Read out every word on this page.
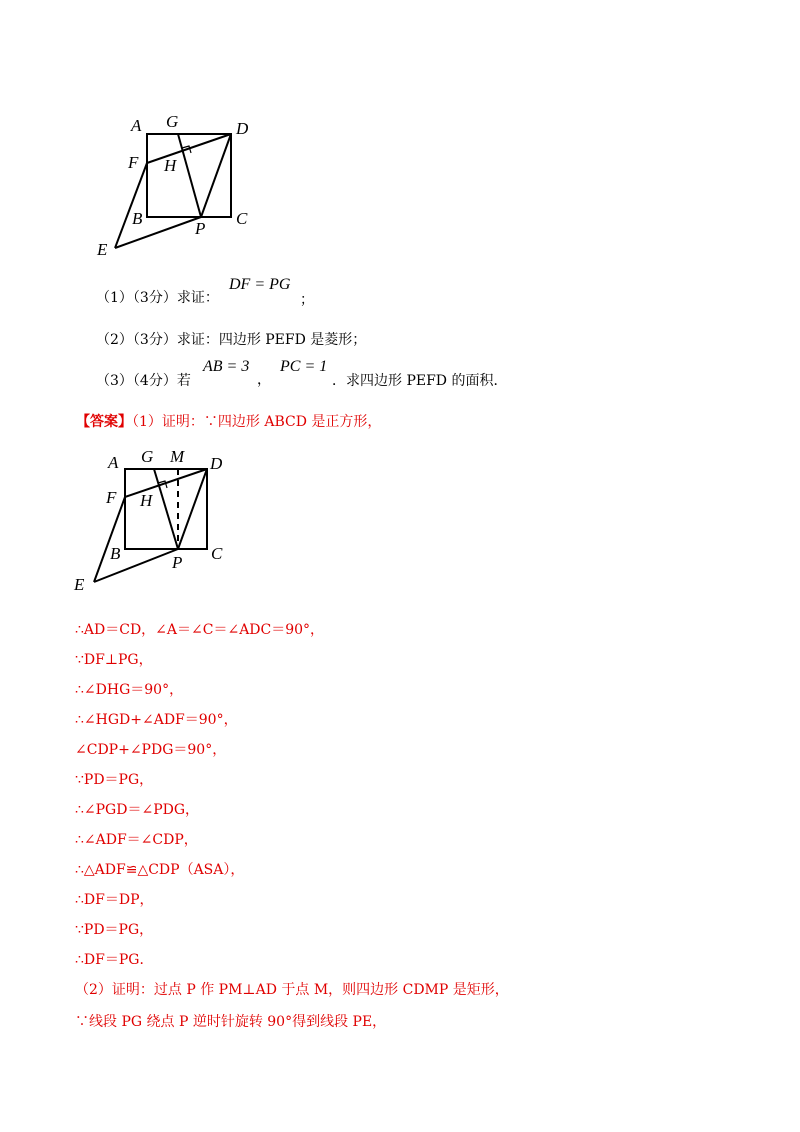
A G	D
F H
B
P
C
E
（1）（3分）求证：
DF = PG
；
（2）（3分）求证：四边形 PEFD 是菱形；
（3）（4分）若
AB = 3
，
PC = 1
．求四边形 PEFD 的面积．
【答案】（1）证明：∵四边形 ABCD 是正方形，
A G M D
F H
B	P C
E
∴AD＝CD，∠A＝∠C＝∠ADC＝90°，
∵DF⊥PG，
∴∠DHG＝90°，
∴∠HGD+∠ADF＝90°，
∠CDP+∠PDG＝90°，
∵PD＝PG，
∴∠PGD＝∠PDG，
∴∠ADF＝∠CDP，
∴△ADF≌△CDP（ASA），
∴DF＝DP，
∵PD＝PG，
∴DF＝PG．
（2）证明：过点 P 作 PM⊥AD 于点 M，则四边形 CDMP 是矩形，
∵线段 PG 绕点 P 逆时针旋转 90°得到线段 PE，
